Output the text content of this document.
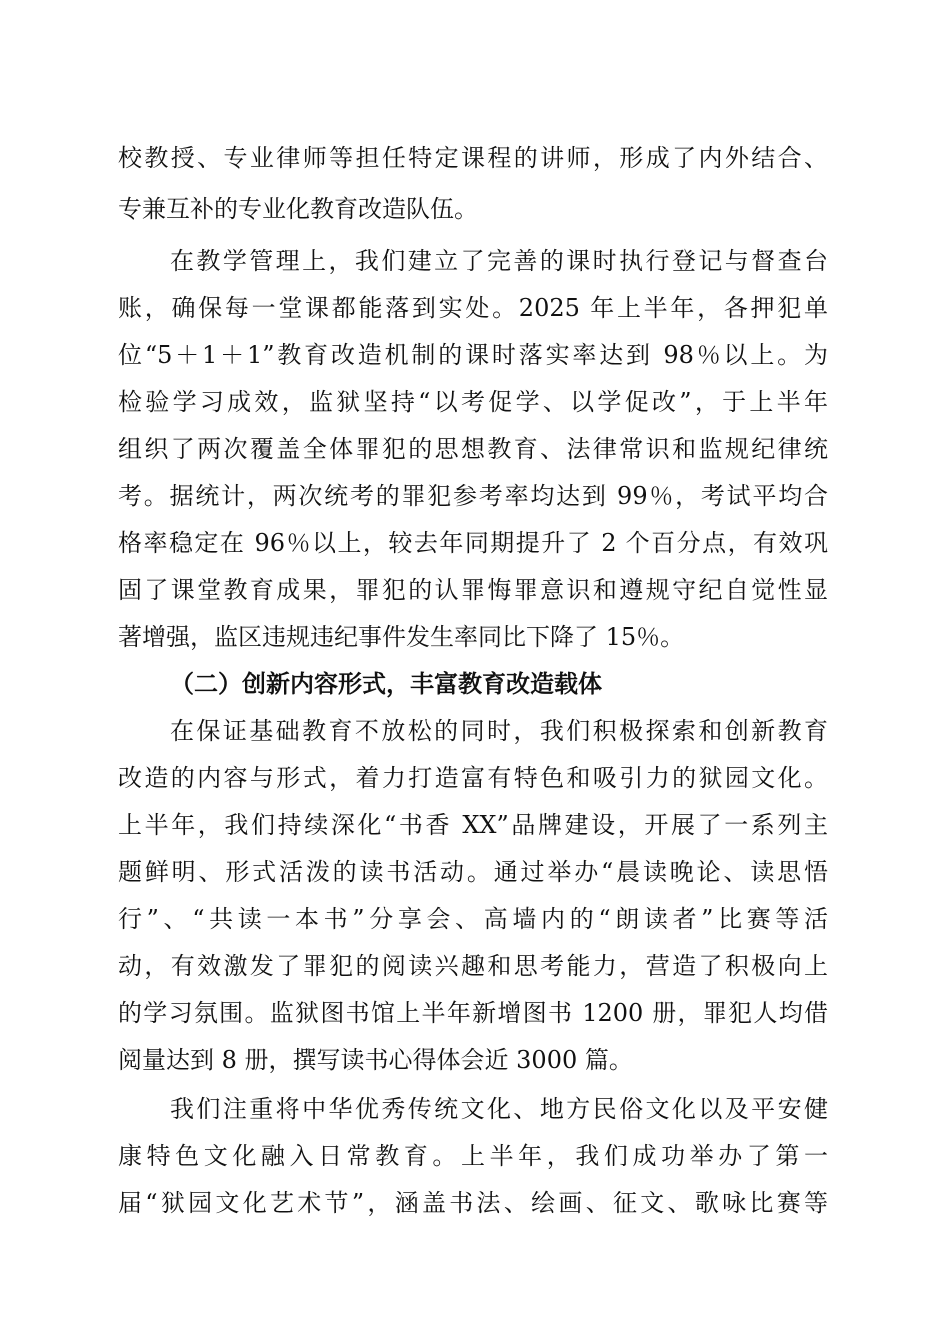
校教授、专业律师等担任特定课程的讲师，形成了内外结合、
专兼互补的专业化教育改造队伍。
在教学管理上，我们建立了完善的课时执行登记与督查台
账，确保每一堂课都能落到实处。2025 年上半年，各押犯单
位“5＋1＋1”教育改造机制的课时落实率达到 98％以上。为
检验学习成效，监狱坚持“以考促学、以学促改”，于上半年
组织了两次覆盖全体罪犯的思想教育、法律常识和监规纪律统
考。据统计，两次统考的罪犯参考率均达到 99％，考试平均合
格率稳定在 96％以上，较去年同期提升了 2 个百分点，有效巩
固了课堂教育成果，罪犯的认罪悔罪意识和遵规守纪自觉性显
著增强，监区违规违纪事件发生率同比下降了 15％。
（二）创新内容形式，丰富教育改造载体
在保证基础教育不放松的同时，我们积极探索和创新教育
改造的内容与形式，着力打造富有特色和吸引力的狱园文化。
上半年，我们持续深化“书香 XX”品牌建设，开展了一系列主
题鲜明、形式活泼的读书活动。通过举办“晨读晚论、读思悟
行”、“共读一本书”分享会、高墙内的“朗读者”比赛等活
动，有效激发了罪犯的阅读兴趣和思考能力，营造了积极向上
的学习氛围。监狱图书馆上半年新增图书 1200 册，罪犯人均借
阅量达到 8 册，撰写读书心得体会近 3000 篇。
我们注重将中华优秀传统文化、地方民俗文化以及平安健
康特色文化融入日常教育。上半年，我们成功举办了第一
届“狱园文化艺术节”，涵盖书法、绘画、征文、歌咏比赛等
